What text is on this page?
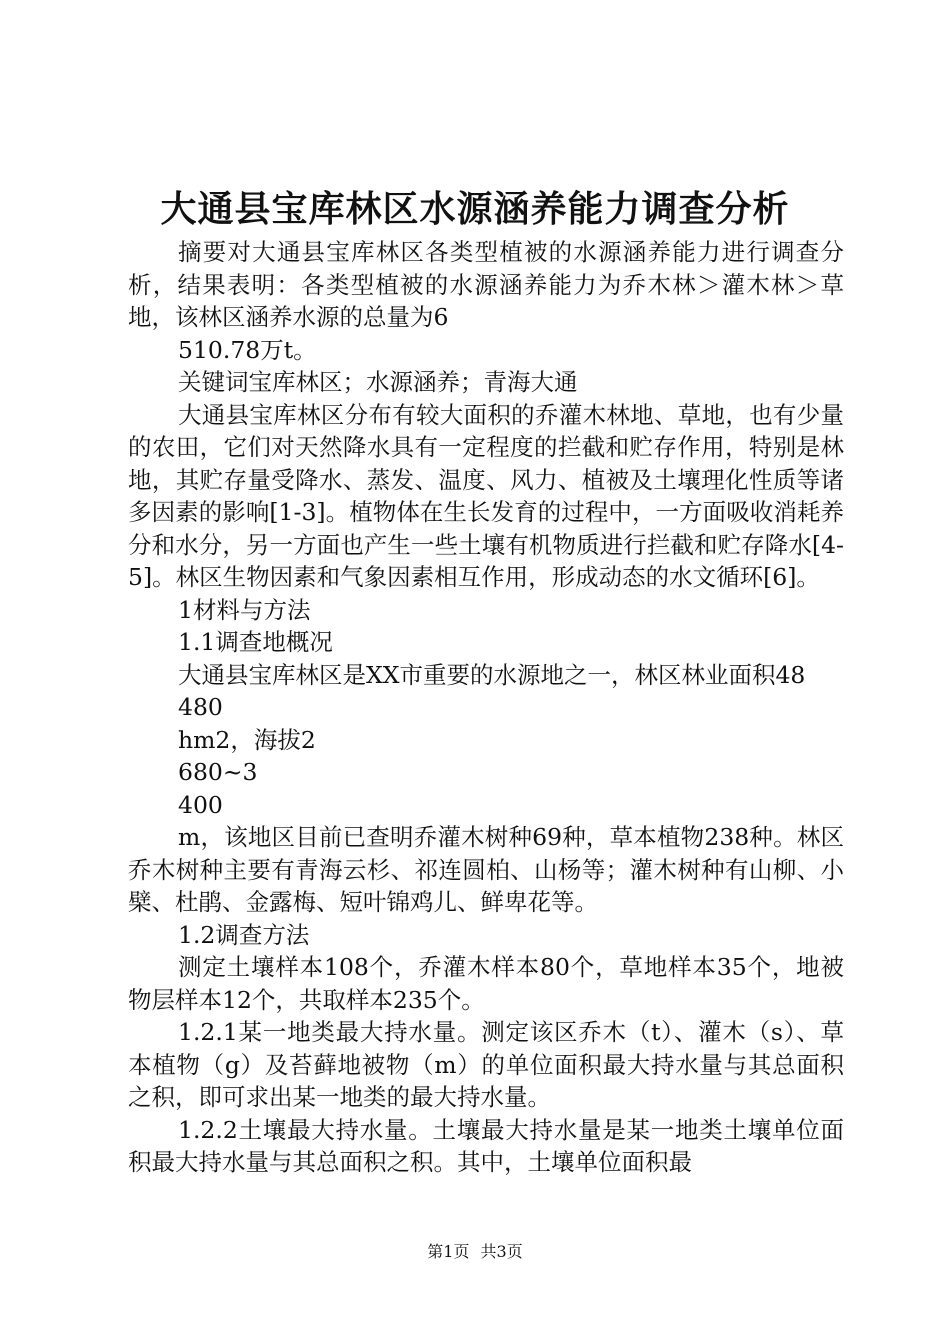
大通县宝库林区水源涵养能力调查分析

摘要对大通县宝库林区各类型植被的水源涵养能力进行调查分析，结果表明：各类型植被的水源涵养能力为乔木林＞灌木林＞草地，该林区涵养水源的总量为6

510.78万t。

关键词宝库林区；水源涵养；青海大通

大通县宝库林区分布有较大面积的乔灌木林地、草地，也有少量的农田，它们对天然降水具有一定程度的拦截和贮存作用，特别是林地，其贮存量受降水、蒸发、温度、风力、植被及土壤理化性质等诸多因素的影响[1-3]。植物体在生长发育的过程中，一方面吸收消耗养分和水分，另一方面也产生一些土壤有机物质进行拦截和贮存降水[4-5]。林区生物因素和气象因素相互作用，形成动态的水文循环[6]。

1材料与方法

1.1调查地概况

大通县宝库林区是XX市重要的水源地之一，林区林业面积48

480

hm2，海拔2

680~3

400

m，该地区目前已查明乔灌木树种69种，草本植物238种。林区乔木树种主要有青海云杉、祁连圆柏、山杨等；灌木树种有山柳、小檗、杜鹃、金露梅、短叶锦鸡儿、鲜卑花等。

1.2调查方法

测定土壤样本108个，乔灌木样本80个，草地样本35个，地被物层样本12个，共取样本235个。

1.2.1某一地类最大持水量。测定该区乔木（t）、灌木（s）、草本植物（g）及苔藓地被物（m）的单位面积最大持水量与其总面积之积，即可求出某一地类的最大持水量。

1.2.2土壤最大持水量。土壤最大持水量是某一地类土壤单位面积最大持水量与其总面积之积。其中，土壤单位面积最

第1页 共3页
